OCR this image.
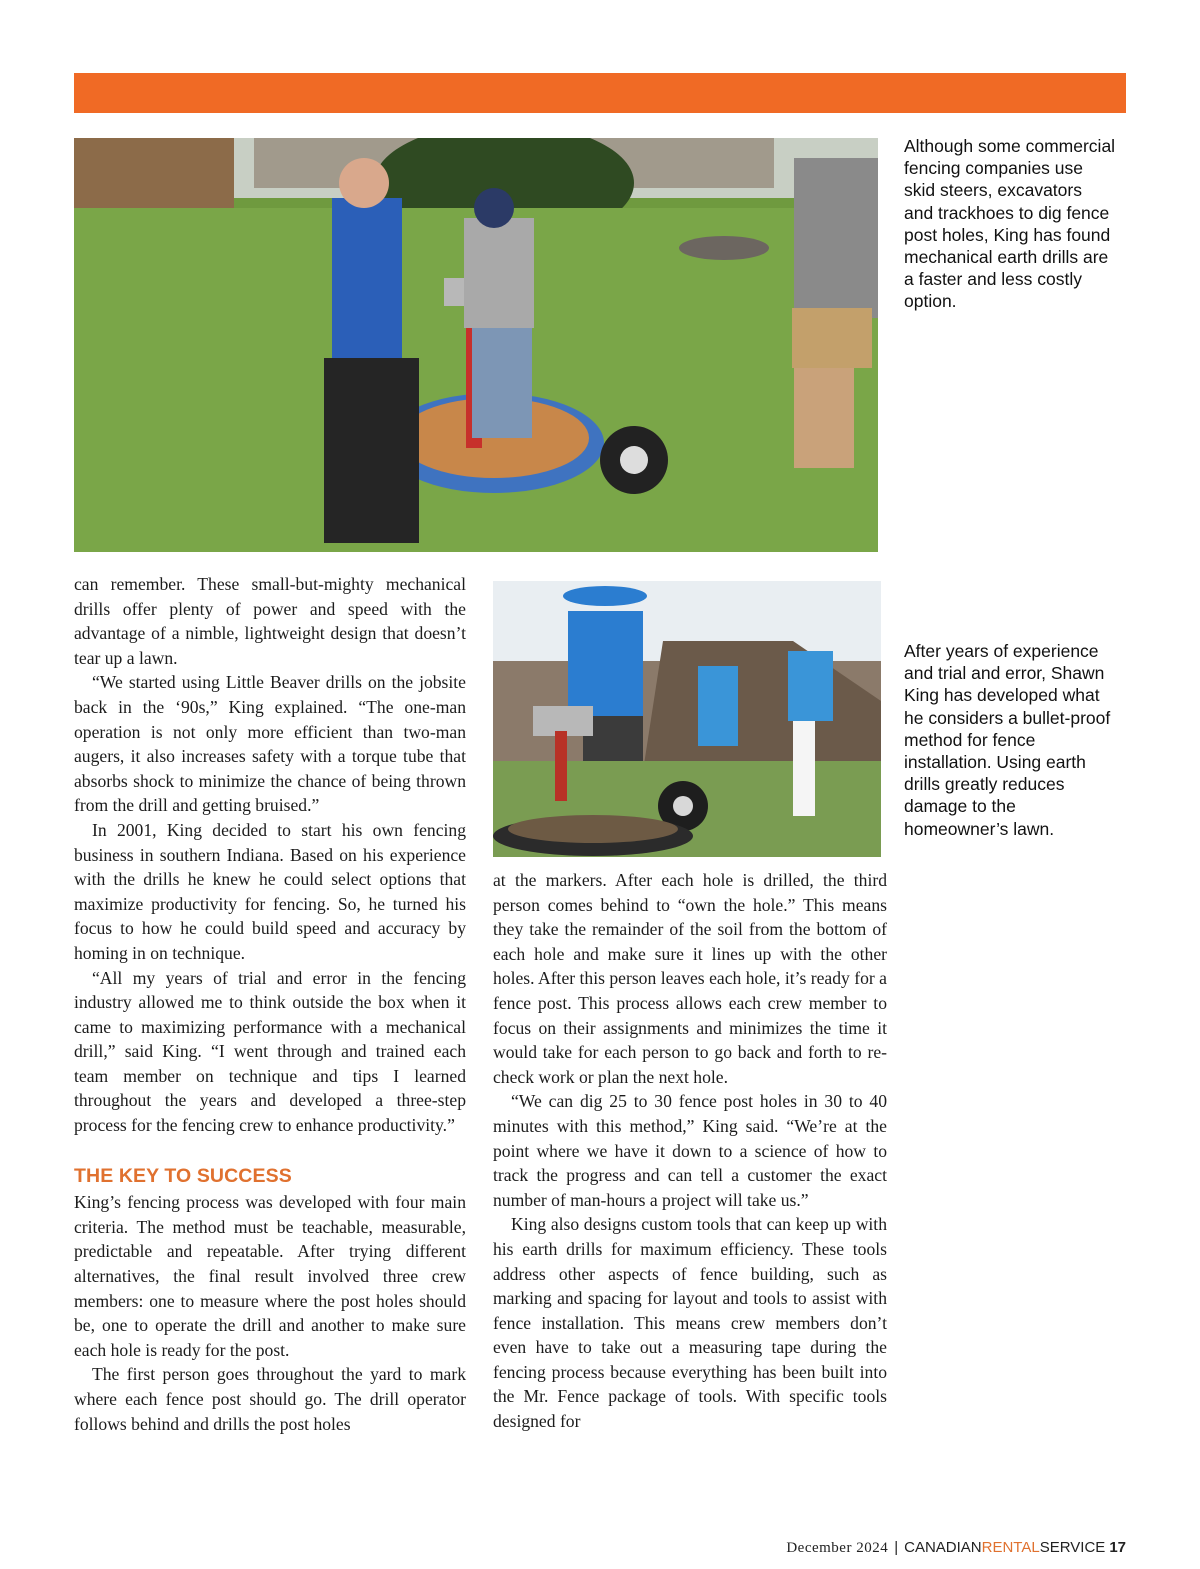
Although some commercial fencing companies use skid steers, excavators and trackhoes to dig fence post holes, King has found mechanical earth drills are a faster and less costly option.
After years of experience and trial and error, Shawn King has developed what he considers a bullet-proof method for fence installation. Using earth drills greatly reduces damage to the homeowner’s lawn.

can remember. These small-but-mighty mechanical drills offer plenty of power and speed with the advantage of a nimble, lightweight design that doesn’t tear up a lawn.

“We started using Little Beaver drills on the jobsite back in the ‘90s,” King explained. “The one-man operation is not only more efficient than two-man augers, it also increases safety with a torque tube that absorbs shock to minimize the chance of being thrown from the drill and getting bruised.”

In 2001, King decided to start his own fencing business in southern Indiana. Based on his experience with the drills he knew he could select options that maximize productivity for fencing. So, he turned his focus to how he could build speed and accuracy by homing in on technique.

“All my years of trial and error in the fencing industry allowed me to think outside the box when it came to maximizing performance with a mechanical drill,” said King. “I went through and trained each team member on technique and tips I learned throughout the years and developed a three-step process for the fencing crew to enhance productivity.”

THE KEY TO SUCCESS

King’s fencing process was developed with four main criteria. The method must be teachable, measurable, predictable and repeatable. After trying different alternatives, the final result involved three crew members: one to measure where the post holes should be, one to operate the drill and another to make sure each hole is ready for the post.

The first person goes throughout the yard to mark where each fence post should go. The drill operator follows behind and drills the post holes

at the markers. After each hole is drilled, the third person comes behind to “own the hole.” This means they take the remainder of the soil from the bottom of each hole and make sure it lines up with the other holes. After this person leaves each hole, it’s ready for a fence post. This process allows each crew member to focus on their assignments and minimizes the time it would take for each person to go back and forth to re-check work or plan the next hole.

“We can dig 25 to 30 fence post holes in 30 to 40 minutes with this method,” King said. “We’re at the point where we have it down to a science of how to track the progress and can tell a customer the exact number of man-hours a project will take us.”

King also designs custom tools that can keep up with his earth drills for maximum efficiency. These tools address other aspects of fence building, such as marking and spacing for layout and tools to assist with fence installation. This means crew members don’t even have to take out a measuring tape during the fencing process because everything has been built into the Mr. Fence package of tools. With specific tools designed for

December 2024 | CANADIANRENTALSERVICE 17
